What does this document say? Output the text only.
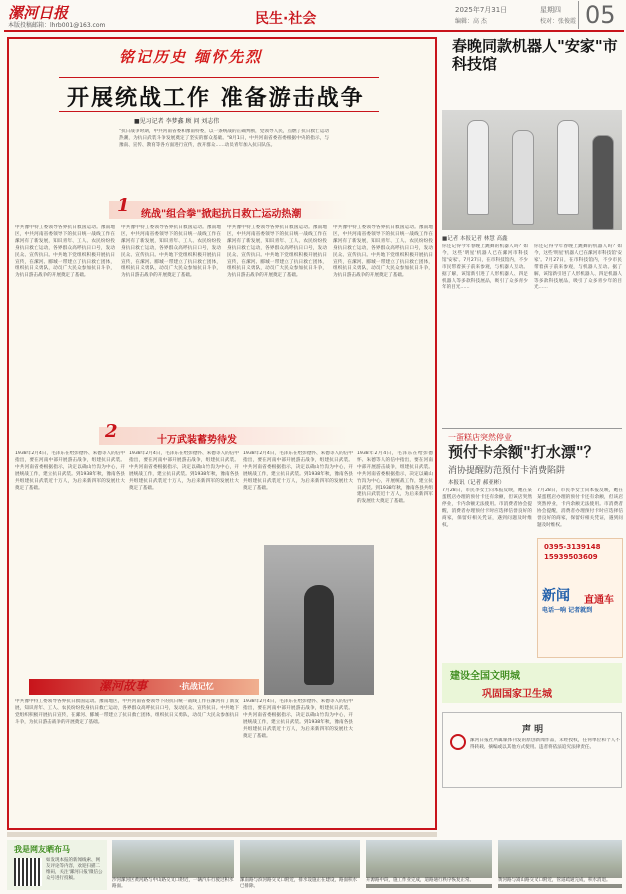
漯河日报
本版投稿邮箱：lhrb001@163.com	民生·社会
2025年7月31日
编辑：高 杰
星期四
校对：张俊霞 05
铭记历史 缅怀先烈
开展统战工作 准备游击战争
■见习记者 李梦鑫 顾 问 刘志伟
"抗日战争时期，中共河南省委和豫南特委，以一条统战的正确判断，党领导人民，点燃了抗日救亡运动热潮，为抗日武装斗争发展奠定了坚实的群众基础。"8月1日，中共河南省委省委根据中央的指示，与豫南、宣传、教育等各方面进行宣传，放开群众……动员青年加入抗日队伍。
1 统战"组合拳"掀起抗日救亡运动热潮
中共豫中特工委领导各界抗日救国运动。豫南地区，中共河南省委领导下的抗日统一战线工作在漯河有了新发展，知识青年、工人、农民纷纷投身抗日救亡运动，各界群众高呼抗日口号，发动民众、宣传抗日。中共地下党组织积极开展抗日宣传，在漯河、郾城一带建立了抗日救亡团体，组织抗日义勇队，动员广大民众参加抗日斗争，为抗日游击战争的开展奠定了基础。
中共豫中特工委领导各界抗日救国运动。豫南地区，中共河南省委领导下的抗日统一战线工作在漯河有了新发展，知识青年、工人、农民纷纷投身抗日救亡运动，各界群众高呼抗日口号，发动民众、宣传抗日。中共地下党组织积极开展抗日宣传，在漯河、郾城一带建立了抗日救亡团体，组织抗日义勇队，动员广大民众参加抗日斗争，为抗日游击战争的开展奠定了基础。
中共豫中特工委领导各界抗日救国运动。豫南地区，中共河南省委领导下的抗日统一战线工作在漯河有了新发展，知识青年、工人、农民纷纷投身抗日救亡运动，各界群众高呼抗日口号，发动民众、宣传抗日。中共地下党组织积极开展抗日宣传，在漯河、郾城一带建立了抗日救亡团体，组织抗日义勇队，动员广大民众参加抗日斗争，为抗日游击战争的开展奠定了基础。
中共豫中特工委领导各界抗日救国运动。豫南地区，中共河南省委领导下的抗日统一战线工作在漯河有了新发展，知识青年、工人、农民纷纷投身抗日救亡运动，各界群众高呼抗日口号，发动民众、宣传抗日。中共地下党组织积极开展抗日宣传，在漯河、郾城一带建立了抗日救亡团体，组织抗日义勇队，动员广大民众参加抗日斗争，为抗日游击战争的开展奠定了基础。
2	十万武装蓄势待发
1938年2月4日，毛泽东在给彭德怀、朱德等人的信中指出，要在河南中部开展游击战争，组建抗日武装。中共河南省委根据指示，决定以确山竹沟为中心，开展统战工作，建立抗日武装。到1938年秋，豫南各县共组建抗日武装近十万人，为后来新四军的发展壮大奠定了基础。
1938年2月4日，毛泽东在给彭德怀、朱德等人的信中指出，要在河南中部开展游击战争，组建抗日武装。中共河南省委根据指示，决定以确山竹沟为中心，开展统战工作，建立抗日武装。到1938年秋，豫南各县共组建抗日武装近十万人，为后来新四军的发展壮大奠定了基础。
1938年2月4日，毛泽东在给彭德怀、朱德等人的信中指出，要在河南中部开展游击战争，组建抗日武装。中共河南省委根据指示，决定以确山竹沟为中心，开展统战工作，建立抗日武装。到1938年秋，豫南各县共组建抗日武装近十万人，为后来新四军的发展壮大奠定了基础。
1938年2月4日，毛泽东在给彭德怀、朱德等人的信中指出，要在河南中部开展游击战争，组建抗日武装。中共河南省委根据指示，决定以确山竹沟为中心，开展统战工作，建立抗日武装。到1938年秋，豫南各县共组建抗日武装近十万人，为后来新四军的发展壮大奠定了基础。
1938年2月4日，毛泽东在给彭德怀、朱德等人的信中指出，要在河南中部开展游击战争，组建抗日武装。中共河南省委根据指示，决定以确山竹沟为中心，开展统战工作，建立抗日武装。到1938年秋，豫南各县共组建抗日武装近十万人，为后来新四军的发展壮大奠定了基础。
漯河故事	·抗战记忆
中共豫中特工委领导各界抗日救国运动。豫南地区，中共河南省委领导下的抗日统一战线工作在漯河有了新发展，知识青年、工人、农民纷纷投身抗日救亡运动，各界群众高呼抗日口号，发动民众、宣传抗日。中共地下党组织积极开展抗日宣传，在漯河、郾城一带建立了抗日救亡团体，组织抗日义勇队，动员广大民众参加抗日斗争，为抗日游击战争的开展奠定了基础。
春晚同款机器人"安家"市科技馆
■记者 本报记者 林慧 高鑫
你还记得今年春晚上跳舞的机器人吗？如今，这些'明星'机器人已在漯河市科技馆'安家'。7月27日，在市科技馆内，不少市民带着孩子前来参观，与机器人互动。据了解，该馆新引进了人形机器人、四足机器人等多款科技展品，吸引了众多青少年的目光……
你还记得今年春晚上跳舞的机器人吗？如今，这些'明星'机器人已在漯河市科技馆'安家'。7月27日，在市科技馆内，不少市民带着孩子前来参观，与机器人互动。据了解，该馆新引进了人形机器人、四足机器人等多款科技展品，吸引了众多青少年的目光……
一蛋糕店突然停业
预付卡余额"打水漂"？
消协提醒防范预付卡消费陷阱
本报讯（记者 郝亚彬）
7月28日，市民李女士向本报反映，她在某蛋糕店办理的预付卡还有余额，但该店突然停业，卡内余额无法使用。市消费者协会提醒，消费者办理预付卡时应选择信誉良好的商家，保留好相关凭证，遇到问题及时维权。
7月28日，市民李女士向本报反映，她在某蛋糕店办理的预付卡还有余额，但该店突然停业，卡内余额无法使用。市消费者协会提醒，消费者办理预付卡时应选择信誉良好的商家，保留好相关凭证，遇到问题及时维权。
0395-3139148
15939503609
新闻 直通车
电话一响 记者就到
建设全国文明城
巩固国家卫生城
声 明
漯河日报社所属媒体刊发的原创新闻作品，未经授权，任何单位和个人不得转载、摘编或以其他方式使用。违者将依法追究法律责任。
我是网友晒布马
如发现本报的新闻线索、网友评论等内容，欢迎扫描二维码，关注'漯河日报'微信公众号进行投稿。	沙河漯河区黄河路与中山路交叉口附近，一辆汽车行驶过积水路面。
漯南路与滨河路交叉口附近，排水设施正在建设，路面积水已排除。
开源路中段，施工作业完成，道路通行秩序恢复正常。	黄河路与嵩山路交叉口附近，管道疏通完成，积水消退。
